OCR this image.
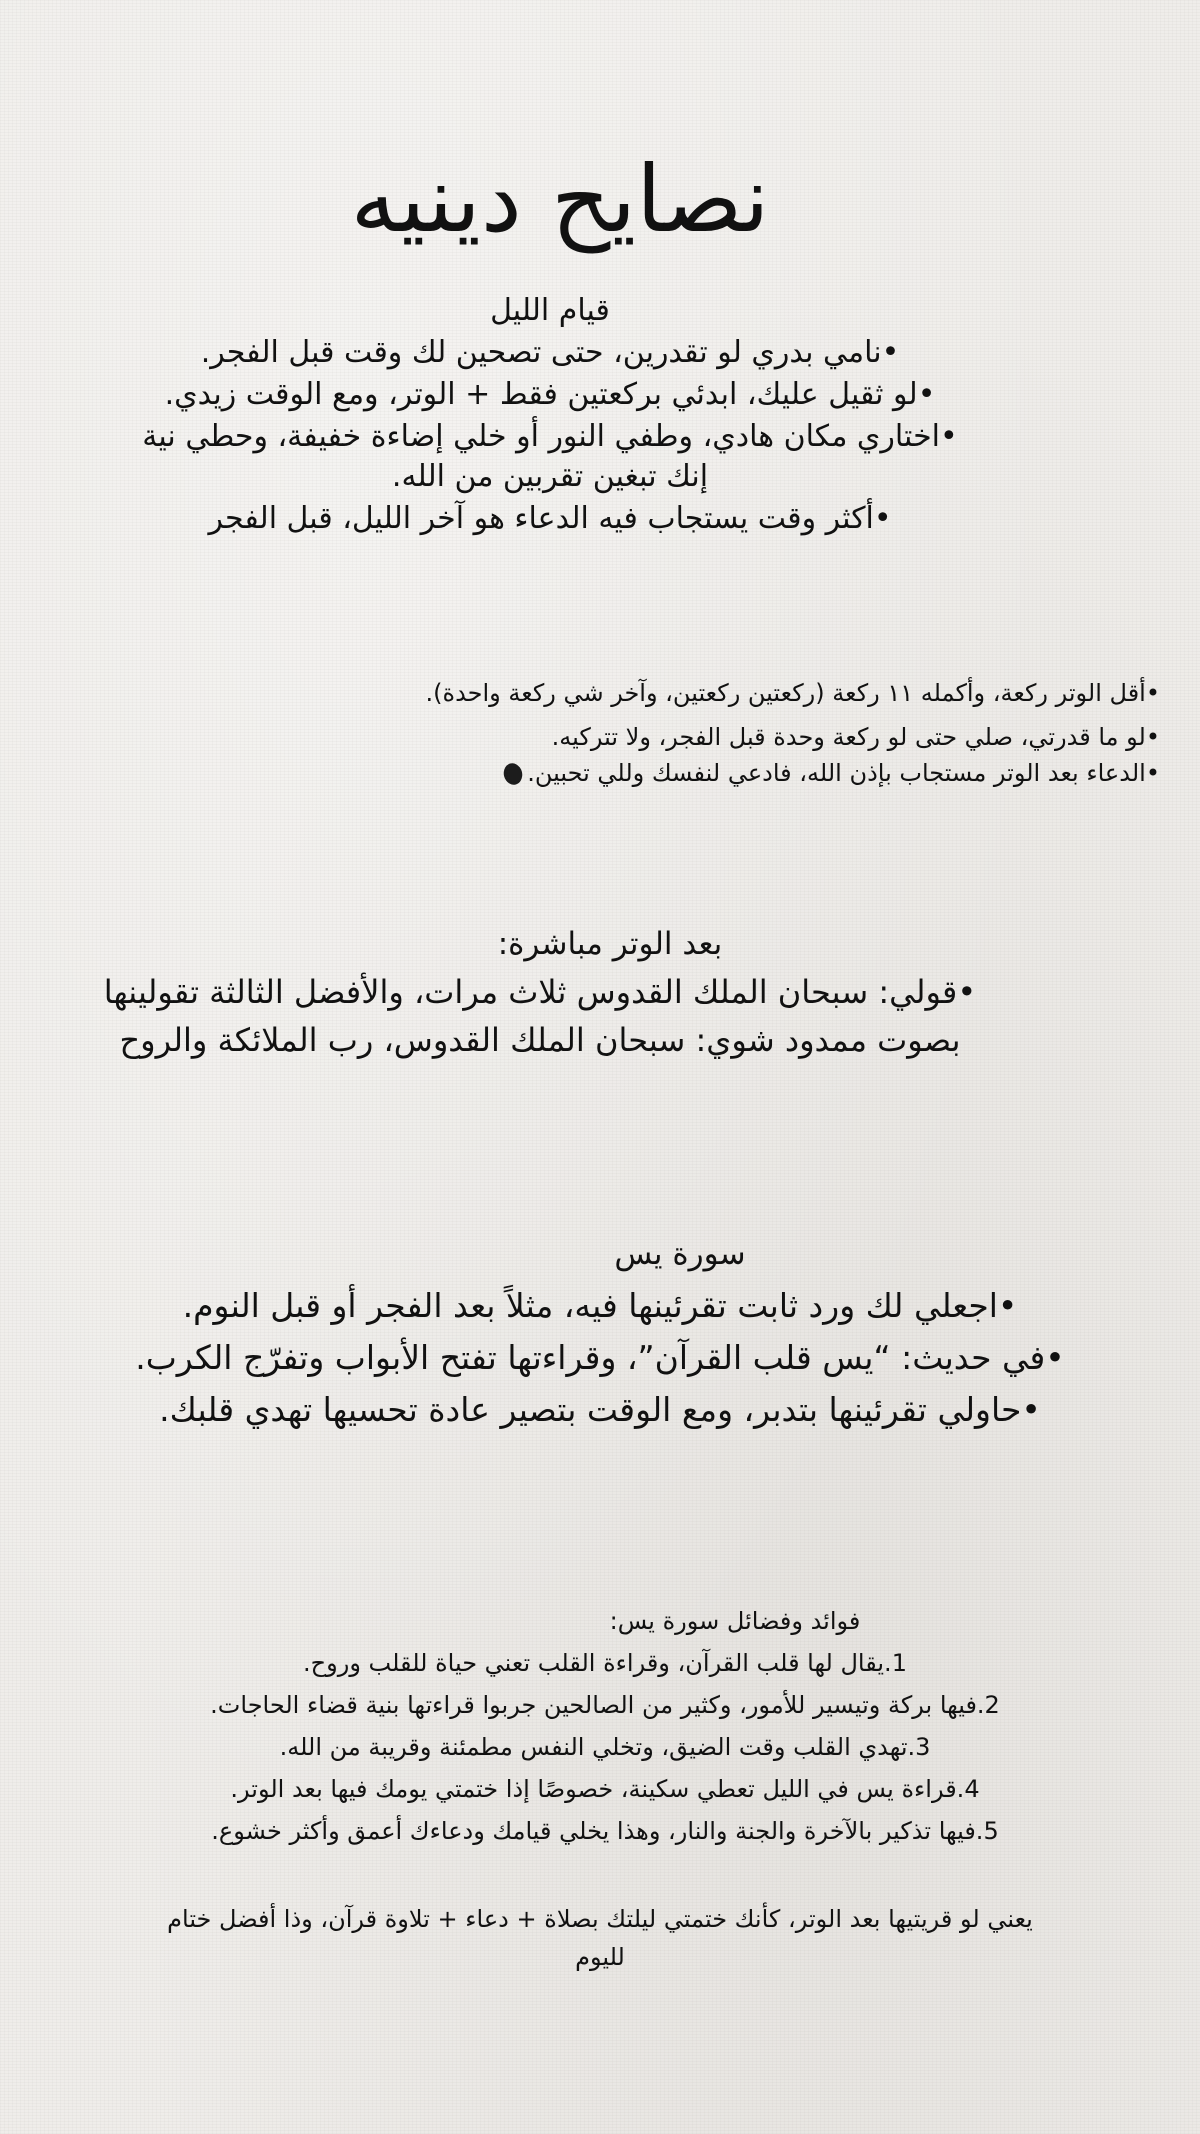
نصايح دينيه
قيام الليل
•نامي بدري لو تقدرين، حتى تصحين لك وقت قبل الفجر.
•لو ثقيل عليك، ابدئي بركعتين فقط + الوتر، ومع الوقت زيدي.
•اختاري مكان هادي، وطفي النور أو خلي إضاءة خفيفة، وحطي نية
إنك تبغين تقربين من الله.
•أكثر وقت يستجاب فيه الدعاء هو آخر الليل، قبل الفجر
•أقل الوتر ركعة، وأكمله ١١ ركعة (ركعتين ركعتين، وآخر شي ركعة واحدة).
•لو ما قدرتي، صلي حتى لو ركعة وحدة قبل الفجر، ولا تتركيه.
•الدعاء بعد الوتر مستجاب بإذن الله، فادعي لنفسك وللي تحبين.
بعد الوتر مباشرة:
•قولي: سبحان الملك القدوس ثلاث مرات، والأفضل الثالثة تقولينها
بصوت ممدود شوي: سبحان الملك القدوس، رب الملائكة والروح
سورة يس
•اجعلي لك ورد ثابت تقرئينها فيه، مثلاً بعد الفجر أو قبل النوم.
•في حديث: “يس قلب القرآن”، وقراءتها تفتح الأبواب وتفرّج الكرب.
•حاولي تقرئينها بتدبر، ومع الوقت بتصير عادة تحسيها تهدي قلبك.
فوائد وفضائل سورة يس:
1.يقال لها قلب القرآن، وقراءة القلب تعني حياة للقلب وروح.
2.فيها بركة وتيسير للأمور، وكثير من الصالحين جربوا قراءتها بنية قضاء الحاجات.
3.تهدي القلب وقت الضيق، وتخلي النفس مطمئنة وقريبة من الله.
4.قراءة يس في الليل تعطي سكينة، خصوصًا إذا ختمتي يومك فيها بعد الوتر.
5.فيها تذكير بالآخرة والجنة والنار، وهذا يخلي قيامك ودعاءك أعمق وأكثر خشوع.
يعني لو قريتيها بعد الوتر، كأنك ختمتي ليلتك بصلاة + دعاء + تلاوة قرآن، وذا أفضل ختام
لليوم
